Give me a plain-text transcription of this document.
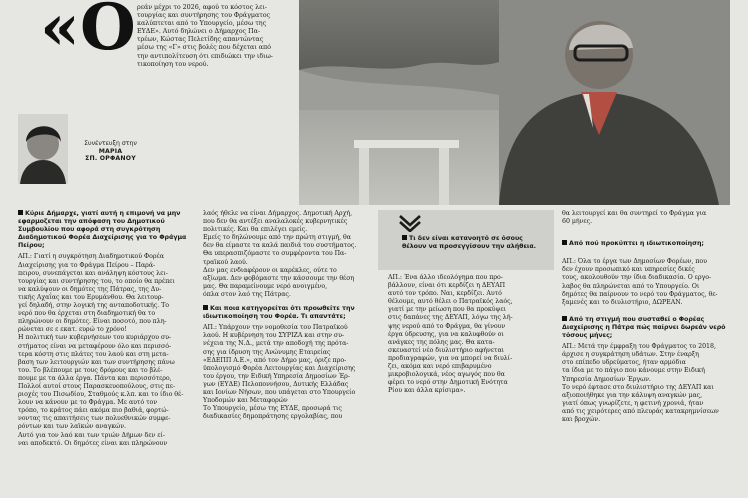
«Ο ρεάν μέχρι το 2026, αφού το κόστος λει-
τουργίας και συντήρησης του Φράγματος
καλύπτεται από το Υπουργείο, μέσω της
ΕΥΔΕ». Αυτό δηλώνει ο Δήμαρχος Πα-
τρέων, Κώστας Πελετίδης απαντώντας
μέσω της «Γ» στις βολές που δέχεται από
την αντιπολίτευση ότι επιδιώκει την ιδιω-
τικοποίηση του νερού.
Συνέντευξη στην
ΜΑΡΙΑ
ΣΠ. ΟΡΦΑΝΟΥ
Κύριε Δήμαρχε, γιατί αυτή η επιμονή να μην εφαρμοζεται την απόφαση του Δημοτικού Συμβουλίου που αφορά στη συγκρότηση Διαδημοτικού Φορέα Διαχείρισης για το Φράγμα Πείρου;
ΑΠ.: Γιατί η συγκρότηση Διαδημοτικού Φορέα
Διαχείρισης για το Φράγμα Πείρου – Παρά-
πειρου, συνεπάγεται και ανάληψη κόστους λει-
τουργίας και συντήρησης του, το οποίο θα πρέπει
να καλύψουν οι δημότες της Πάτρας, της Δυ-
τικής Αχαΐας και του Ερυμάνθου. Θα λειτουρ-
γεί δηλαδή, στην λογική της ανταποδοτικής. Το
νερό που θα έρχεται στη διαδημοτική θα το
πληρώνουν οι δημότες. Είναι ποσοτό, που πλη-
ρώνεται σε ε εκατ. ευρώ το χρόνο!
Η πολιτική των κυβερνήσεων του κυριάρχου συ-
στήματος είναι να μεταφέρουν όλο και περισσό-
τερα κόστη στις πλάτες του λαού και στη μετα-
βαση των λειτουργιών και των συντήρησης πάνω
του. Το βλέπουμε με τους δρόμους και το βλέ-
πουμε με τα άλλα έργα. Πάντα και περισσότερο,
Πολλοί αυτοί στους Παρασκευοπούλους, στις πε-
ριοχές του Πισωδίου, Σταθμούς κ.λπ. και το ίδιο θέ-
λουν να κάνουν με το Φράγμα. Με αυτό τον
τρόπο, το κράτος πάει ακόμα πιο βαθιά, φορτώ-
νοντας τις απαιτήσεις των πολυεθνικών συμφε-
ρόντων και των λαϊκών αναγκών.
Αυτό για τον λαό και των τριών Δήμων δεν εί-
ναι αποδεκτό. Οι δημότες είναι και πληρώνουν
λαός ήθελε να είναι Δήμαρχος. Δημοτική Αρχή,
που δεν θα αντέξει αναλαλοκές κυβερνητικές
πολιτικές. Και θα επιλέγει εμείς.
Εμείς το δηλώνουμε από την πρώτη στιγμή, θα
δεν θα είμαστε τα καλά παιδιά του συστήματος.
Θα υπερασπιζόμαστε το συμφέροντα του Πα-
τραϊκού λαού.
Δεν μας ενδιαφέρουν οι καρέκλες, ούτε το
αξίωμα. Δεν φοβόμαστε την κάσσουμε την θέση
μας. Θα παραμείνουμε νερό ανοιγμένο,
όπλα στον λαό της Πάτρας.
Και ποια κατηγορείται ότι προωθείτε την ιδιωτικοποίηση του Φορέα. Τι απαντάτε;
ΑΠ.: Υπάρχουν την νομοθεσία του Πατραϊκού
λαού. Η κυβέρνηση του ΣΥΡΙΖΑ και στην συ-
νέχεια της Ν.Δ., μετά την αποδοχή της πρότα-
σης για ίδρυση της Ανώνυμης Εταιρείας
«ΕΔΕΠΠ Α.Ε.», από τον Δήμο μας, όριζε προ-
ϋπολογισμό Φορέα Λειτουργίας και Διαχείρισης
του έργου, την Ειδική Υπηρεσία Δημοσίων Έρ-
γων (ΕΥΔΕ) Πελοποννήσου, Δυτικής Ελλάδας
και Ιονίων Νήσων, που υπάγεται στο Υπουργείο
Υποδομών και Μεταφορών
Το Υπουργείο, μέσω της ΕΥΔΕ, προσωρά τις
διαδικασίες δημοπράτησης εργολαβίας, που
Τι δεν είναι κατανοητό σε όσους θέλουν να προσεγγίσουν την αλήθεια.
ΑΠ.: Ένα άλλο ιδεολόγημα που προ-
βάλλουν, είναι ότι κερδίζει η ΔΕΥΑΠ
αυτό τον τρόπο. Ναι, κερδίζει. Αυτό
θέλουμε, αυτό θέλει ο Πατραϊκός λαός,
γιατί με την μείωση που θα προκύψει
στις δαπάνες της ΔΕΥΑΠ, λόγω της λή-
ψης νερού από το Φράγμα, θα γίνουν
έργα ύδρευσης, για να καλυφθούν οι
ανάγκες της πόλης μας. Θα κατα-
σκευαστεί νέο διυλιστήριο αφήνεται
προδιαγραφών, για να μπορεί να διυλί-
ζει, ακόμα και νερό επιβαρυμένο
μικροβιολογικά, νέος αγωγός που θα
φέρει το νερό στην Δημοτική Ενότητα
Ρίου και άλλα κρίσιμα».
θα λειτουργεί και θα συντηρεί το Φράγμα για
60 μήνες.
Από πού προκύπτει η ιδιωτικοποίηση;
ΑΠ.: Όλα το έργα των Δημοσίων Φορέων, που
δεν έχουν προσωπικό και υπηρεσίες δικές
τους, ακολουθούν την ίδια διαδικασία. Ο εργο-
λαβος θα πληρώνεται από το Υπουργείο. Οι
δημότες θα παίρνουν το νερό του Φράγματος, θε-
ξαμενές και το διυλιστήριο, ΔΩΡΕΑΝ.
Από τη στιγμή που συσταθεί ο Φορέας Διαχείρισης η Πάτρα πώς παίρνει δωρεάν νερό τόσους μήνες;
ΑΠ.: Μετά την έμφραξη του Φράγματος το 2018,
άρχισε η συγκράτηση υδάτων. Στην έναρξη
στο επίπεδο υδρεύματος, ήταν αρμόδια
τα ίδια με το πάγιο που κάνουμε στην Ειδική
Υπηρεσία Δημοσίων Έργων.
Το νερό έφτασε στο διυλιστήριο της ΔΕΥΑΠ και
αξιοποιήθηκε για την κάλυψη αναγκών μας,
γιατί όπως γνωρίζετε, η φετινή χρονιά, ήταν
από τις χειρότερες από πλευράς κατακρημνίσεων
και βροχών.
